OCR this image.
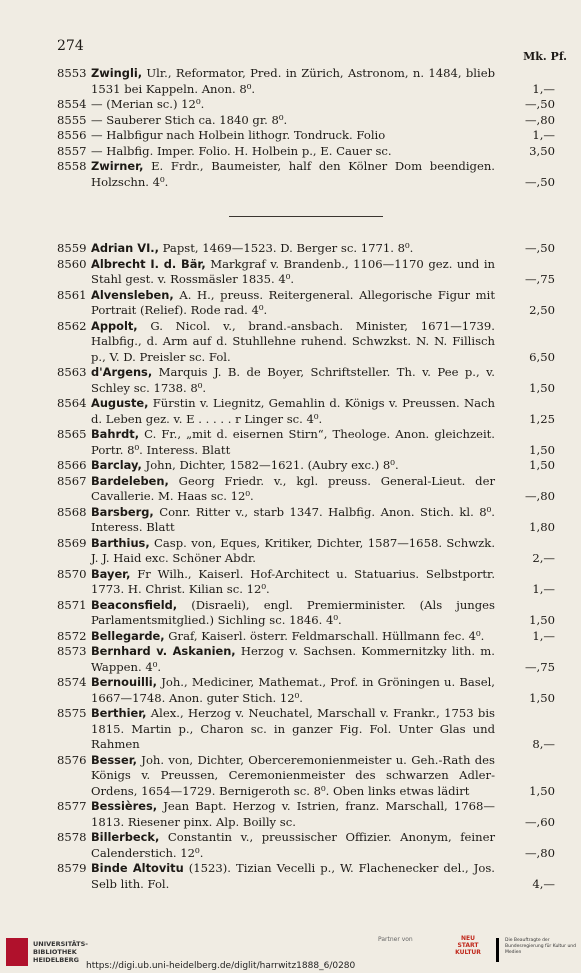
274
Mk. Pf.
8553 Zwingli, Ulr., Reformator, Pred. in Zürich, Astronom, n. 1484, blieb 1531 bei Kappeln. Anon. 8⁰.	1,—
8554 — (Merian sc.) 12⁰.	—,50
8555 — Sauberer Stich ca. 1840 gr. 8⁰.	—,80
8556 — Halbfigur nach Holbein lithogr. Tondruck. Folio	1,—
8557 — Halbfig. Imper. Folio. H. Holbein p., E. Cauer sc.	3,50
8558 Zwirner, E. Frdr., Baumeister, half den Kölner Dom beendigen. Holzschn. 4⁰.	—,50
8559 Adrian VI., Papst, 1469—1523. D. Berger sc. 1771. 8⁰.	—,50
8560 Albrecht I. d. Bär, Markgraf v. Brandenb., 1106—1170 gez. und in Stahl gest. v. Rossmäsler 1835. 4⁰.	—,75
8561 Alvensleben, A. H., preuss. Reitergeneral. Allegorische Figur mit Portrait (Relief). Rode rad. 4⁰.	2,50
8562 Appolt, G. Nicol. v., brand.-ansbach. Minister, 1671—1739. Halbfig., d. Arm auf d. Stuhllehne ruhend. Schwzkst. N. N. Fillisch p., V. D. Preisler sc. Fol.	6,50
8563 d'Argens, Marquis J. B. de Boyer, Schriftsteller. Th. v. Pee p., v. Schley sc. 1738. 8⁰.	1,50
8564 Auguste, Fürstin v. Liegnitz, Gemahlin d. Königs v. Preussen. Nach d. Leben gez. v. E . . . . . r Linger sc. 4⁰.	1,25
8565 Bahrdt, C. Fr., „mit d. eisernen Stirn“, Theologe. Anon. gleichzeit. Portr. 8⁰. Interess. Blatt	1,50
8566 Barclay, John, Dichter, 1582—1621. (Aubry exc.) 8⁰.	1,50
8567 Bardeleben, Georg Friedr. v., kgl. preuss. General-Lieut. der Cavallerie. M. Haas sc. 12⁰.	—,80
8568 Barsberg, Conr. Ritter v., starb 1347. Halbfig. Anon. Stich. kl. 8⁰. Interess. Blatt	1,80
8569 Barthius, Casp. von, Eques, Kritiker, Dichter, 1587—1658. Schwzk. J. J. Haid exc. Schöner Abdr.	2,—
8570 Bayer, Fr Wilh., Kaiserl. Hof-Architect u. Statuarius. Selbstportr. 1773. H. Christ. Kilian sc. 12⁰.	1,—
8571 Beaconsfield, (Disraeli), engl. Premierminister. (Als junges Parlamentsmitglied.) Sichling sc. 1846. 4⁰.	1,50
8572 Bellegarde, Graf, Kaiserl. österr. Feldmarschall. Hüllmann fec. 4⁰.	1,—
8573 Bernhard v. Askanien, Herzog v. Sachsen. Kommernitzky lith. m. Wappen. 4⁰.	—,75
8574 Bernouilli, Joh., Mediciner, Mathemat., Prof. in Gröningen u. Basel, 1667—1748. Anon. guter Stich. 12⁰.	1,50
8575 Berthier, Alex., Herzog v. Neuchatel, Marschall v. Frankr., 1753 bis 1815. Martin p., Charon sc. in ganzer Fig. Fol. Unter Glas und Rahmen	8,—
8576 Besser, Joh. von, Dichter, Oberceremonienmeister u. Geh.-Rath des Königs v. Preussen, Ceremonienmeister des schwarzen Adler-Ordens, 1654—1729. Bernigeroth sc. 8⁰. Oben links etwas lädirt	1,50
8577 Bessières, Jean Bapt. Herzog v. Istrien, franz. Marschall, 1768—1813. Riesener pinx. Alp. Boilly sc.	—,60
8578 Billerbeck, Constantin v., preussischer Offizier. Anonym, feiner Calenderstich. 12⁰.	—,80
8579 Binde Altovitu (1523). Tizian Vecelli p., W. Flachenecker del., Jos. Selb lith. Fol.	4,—
UNIVERSITÄTS-
BIBLIOTHEK
HEIDELBERG
Partner von	NEU START KULTUR
Die Beauftragte der Bundesregierung für Kultur und Medien
https://digi.ub.uni-heidelberg.de/diglit/harrwitz1888_6/0280
